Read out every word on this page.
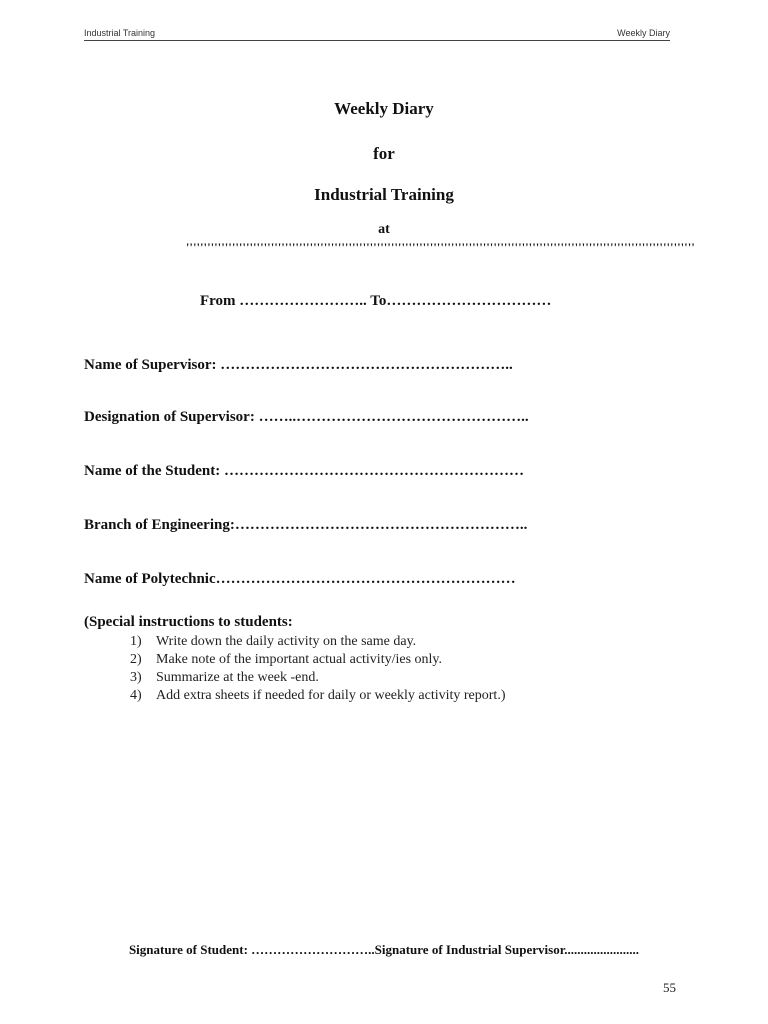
Industrial Training	Weekly Diary
Weekly Diary
for
Industrial Training
at
''''''''''''''''''''''''''''''''''''''''''''''''''''''''''''''''''''''''''''''''''''''''''''''''''''''''''''''''''''''''''''''''''''''''''''''''
From …………………….. To……………………………
Name of Supervisor: …………………………………………………..
Designation of Supervisor: ……..………………………………………..
Name of the Student: ……………………………………………………
Branch of Engineering:…………………………………………………..
Name of Polytechnic……………………………………………………
(Special instructions to students:
1) Write down the daily activity on the same day.
2) Make note of the important actual activity/ies only.
3) Summarize at the week -end.
4) Add extra sheets if needed for daily or weekly activity report.)
Signature of Student: ………………………..Signature of Industrial Supervisor.......................
55
